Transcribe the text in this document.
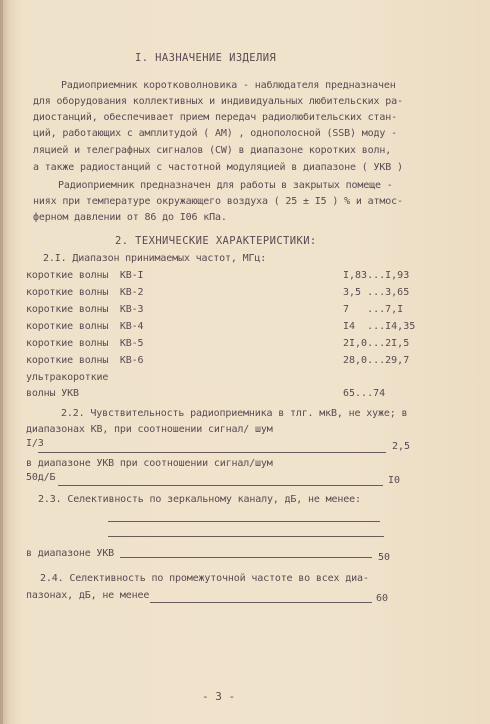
I. НАЗНАЧЕНИЕ ИЗДЕЛИЯ
Радиоприемник коротковолновика - наблюдателя предназначен
для оборудования коллективных и индивидуальных любительских ра-
диостанций, обеспечивает прием передач радиолюбительских стан-
ций, работающих с амплитудой ( AM) , однополосной (SSB) моду -
ляцией и телеграфных сигналов (CW) в диапазоне коротких волн,
а также радиостанций с частотной модуляцией в диапазоне ( УКВ )
Радиоприемник предназначен для работы в закрытых помеще -
ниях при температуре окружающего воздуха ( 25 ± I5 ) % и атмос-
ферном давлении от 86 до I06 кПа.
2. ТЕХНИЧЕСКИЕ ХАРАКТЕРИСТИКИ:
2.I. Диапазон принимаемых частот, МГц:
короткие волны  КВ-I	I,83...I,93
короткие волны  КВ-2	3,5 ...3,65
короткие волны  КВ-3	7   ...7,I
короткие волны  КВ-4	I4  ...I4,35
короткие волны  КВ-5	2I,0...2I,5
короткие волны  КВ-6	28,0...29,7
ультракороткие
волны УКВ	65...74
2.2. Чувствительность радиоприемника в тлг. мкВ, не хуже; в
диапазонах КВ, при соотношении сигнал/ шум
I/3	2,5
в диапазоне УКВ при соотношении сигнал/шум
50д/Б	I0
2.3. Селективность по зеркальному каналу, дБ, не менее:
в диапазоне УКВ	50
2.4. Селективность по промежуточной частоте во всех диа-
пазонах, дБ, не менее	60
- 3 -
